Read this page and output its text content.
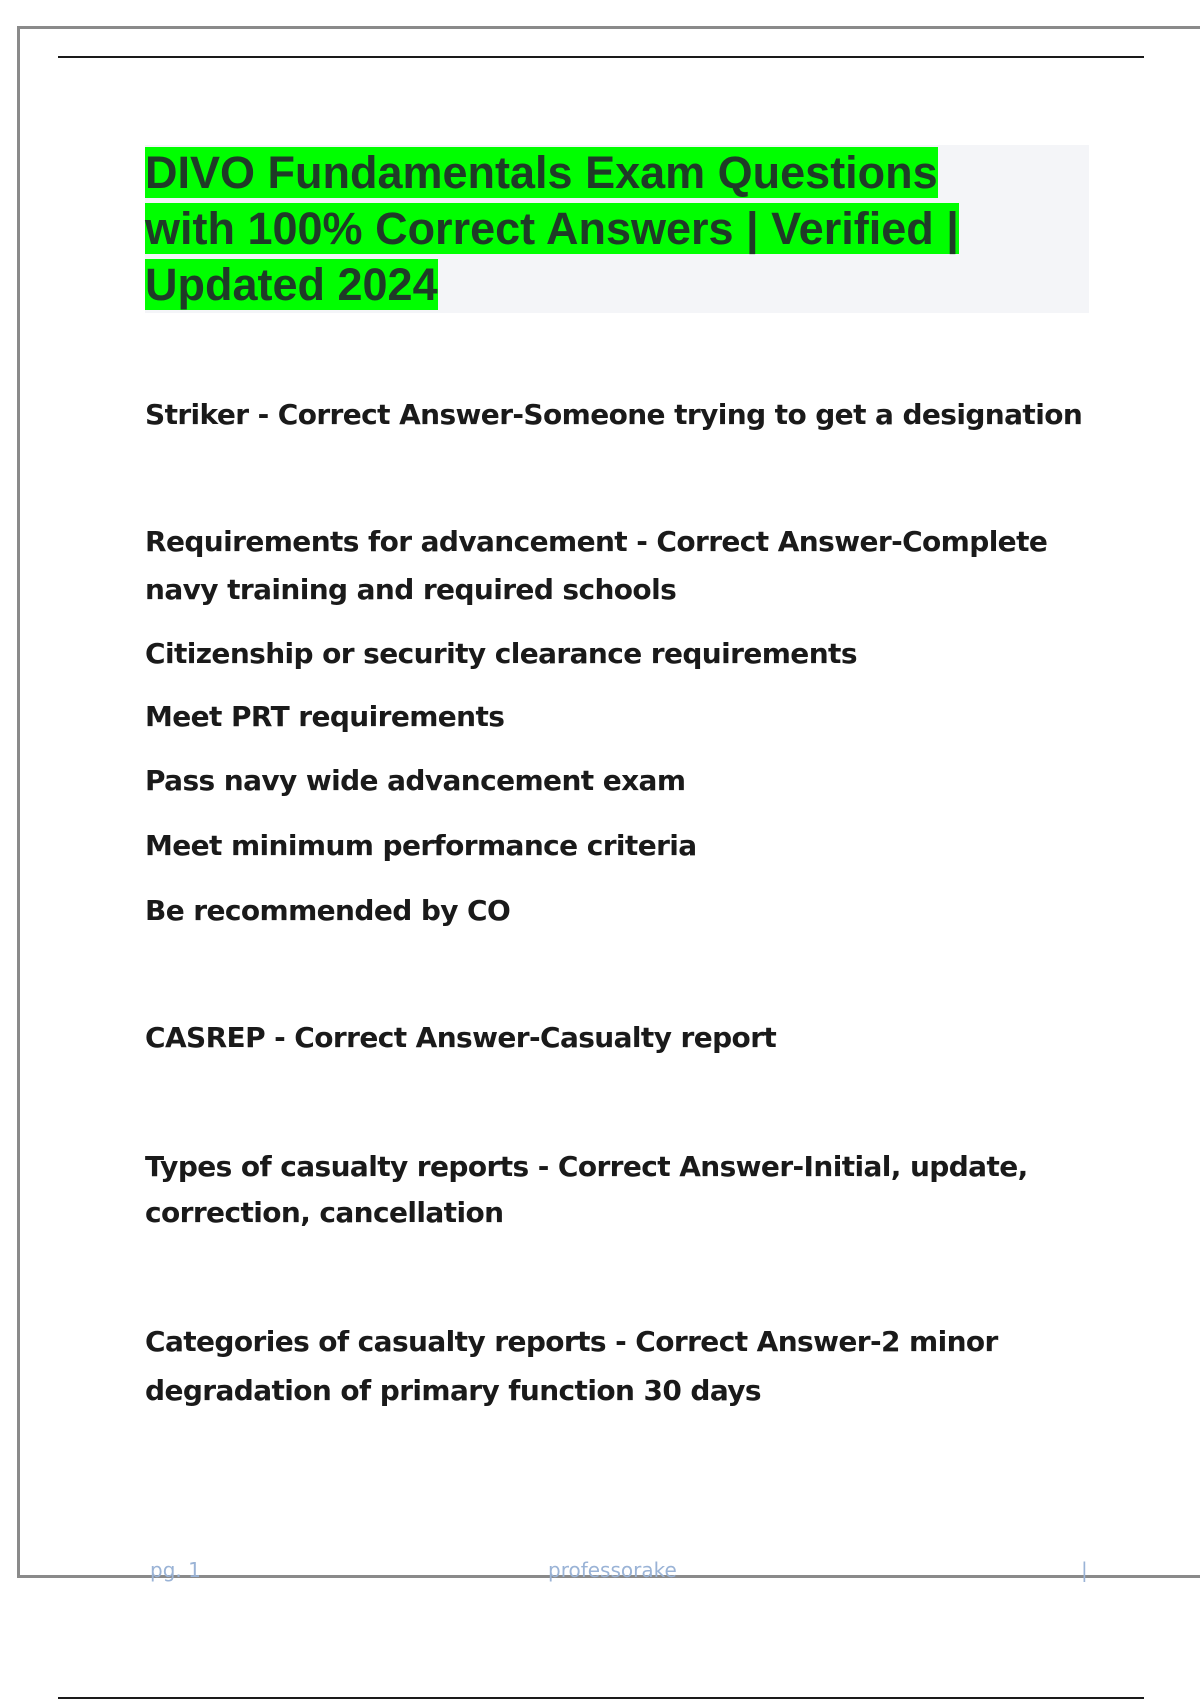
DIVO Fundamentals Exam Questions
with 100% Correct Answers | Verified |
Updated 2024

Striker - Correct Answer-Someone trying to get a designation

Requirements for advancement - Correct Answer-Complete

navy training and required schools

Citizenship or security clearance requirements

Meet PRT requirements

Pass navy wide advancement exam

Meet minimum performance criteria

Be recommended by CO

CASREP - Correct Answer-Casualty report

Types of casualty reports - Correct Answer-Initial, update,

correction, cancellation

Categories of casualty reports - Correct Answer-2 minor

degradation of primary function 30 days

pg. 1	professorake	|
